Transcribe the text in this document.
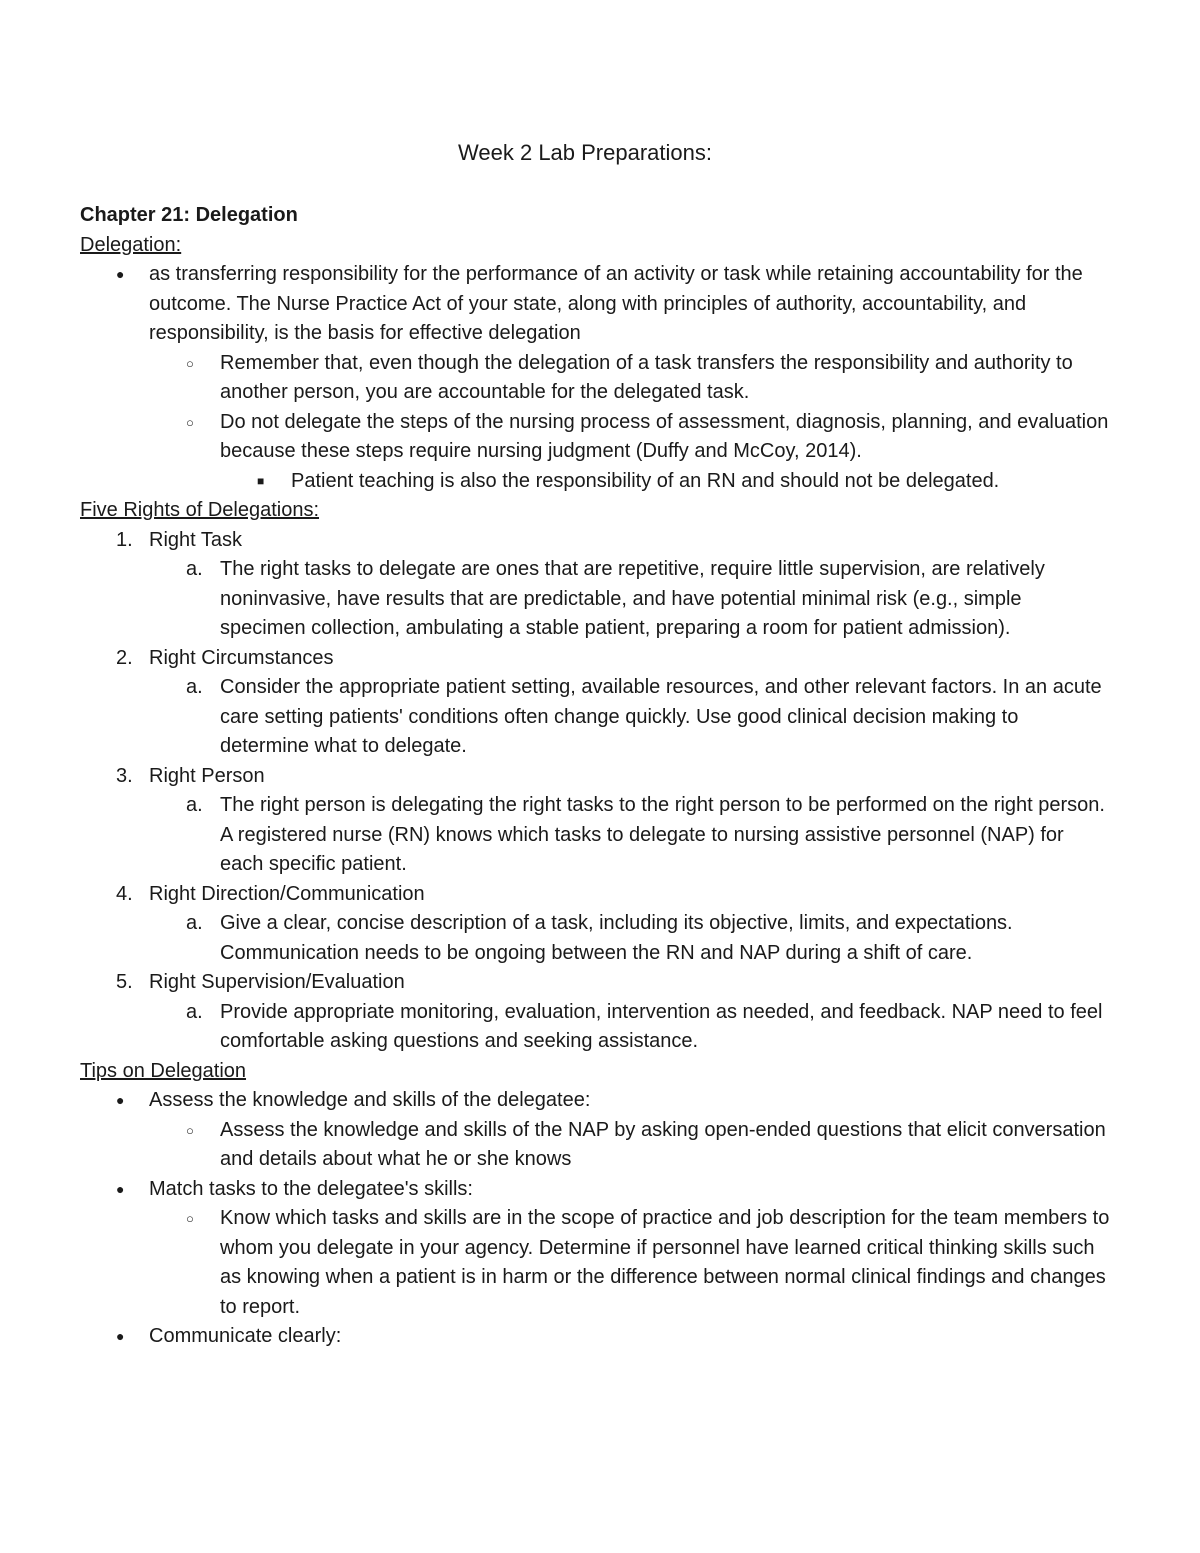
Week 2 Lab Preparations:
Chapter 21: Delegation
Delegation:
● as transferring responsibility for the performance of an activity or task while retaining accountability for the outcome. The Nurse Practice Act of your state, along with principles of authority, accountability, and responsibility, is the basis for effective delegation
○ Remember that, even though the delegation of a task transfers the responsibility and authority to another person, you are accountable for the delegated task.
○ Do not delegate the steps of the nursing process of assessment, diagnosis, planning, and evaluation because these steps require nursing judgment (Duffy and McCoy, 2014).
■ Patient teaching is also the responsibility of an RN and should not be delegated.
Five Rights of Delegations:
1. Right Task
a. The right tasks to delegate are ones that are repetitive, require little supervision, are relatively noninvasive, have results that are predictable, and have potential minimal risk (e.g., simple specimen collection, ambulating a stable patient, preparing a room for patient admission).
2. Right Circumstances
a. Consider the appropriate patient setting, available resources, and other relevant factors. In an acute care setting patients' conditions often change quickly. Use good clinical decision making to determine what to delegate.
3. Right Person
a. The right person is delegating the right tasks to the right person to be performed on the right person. A registered nurse (RN) knows which tasks to delegate to nursing assistive personnel (NAP) for each specific patient.
4. Right Direction/Communication
a. Give a clear, concise description of a task, including its objective, limits, and expectations. Communication needs to be ongoing between the RN and NAP during a shift of care.
5. Right Supervision/Evaluation
a. Provide appropriate monitoring, evaluation, intervention as needed, and feedback. NAP need to feel comfortable asking questions and seeking assistance.
Tips on Delegation
● Assess the knowledge and skills of the delegatee:
○ Assess the knowledge and skills of the NAP by asking open-ended questions that elicit conversation and details about what he or she knows
● Match tasks to the delegatee's skills:
○ Know which tasks and skills are in the scope of practice and job description for the team members to whom you delegate in your agency. Determine if personnel have learned critical thinking skills such as knowing when a patient is in harm or the difference between normal clinical findings and changes to report.
● Communicate clearly:
